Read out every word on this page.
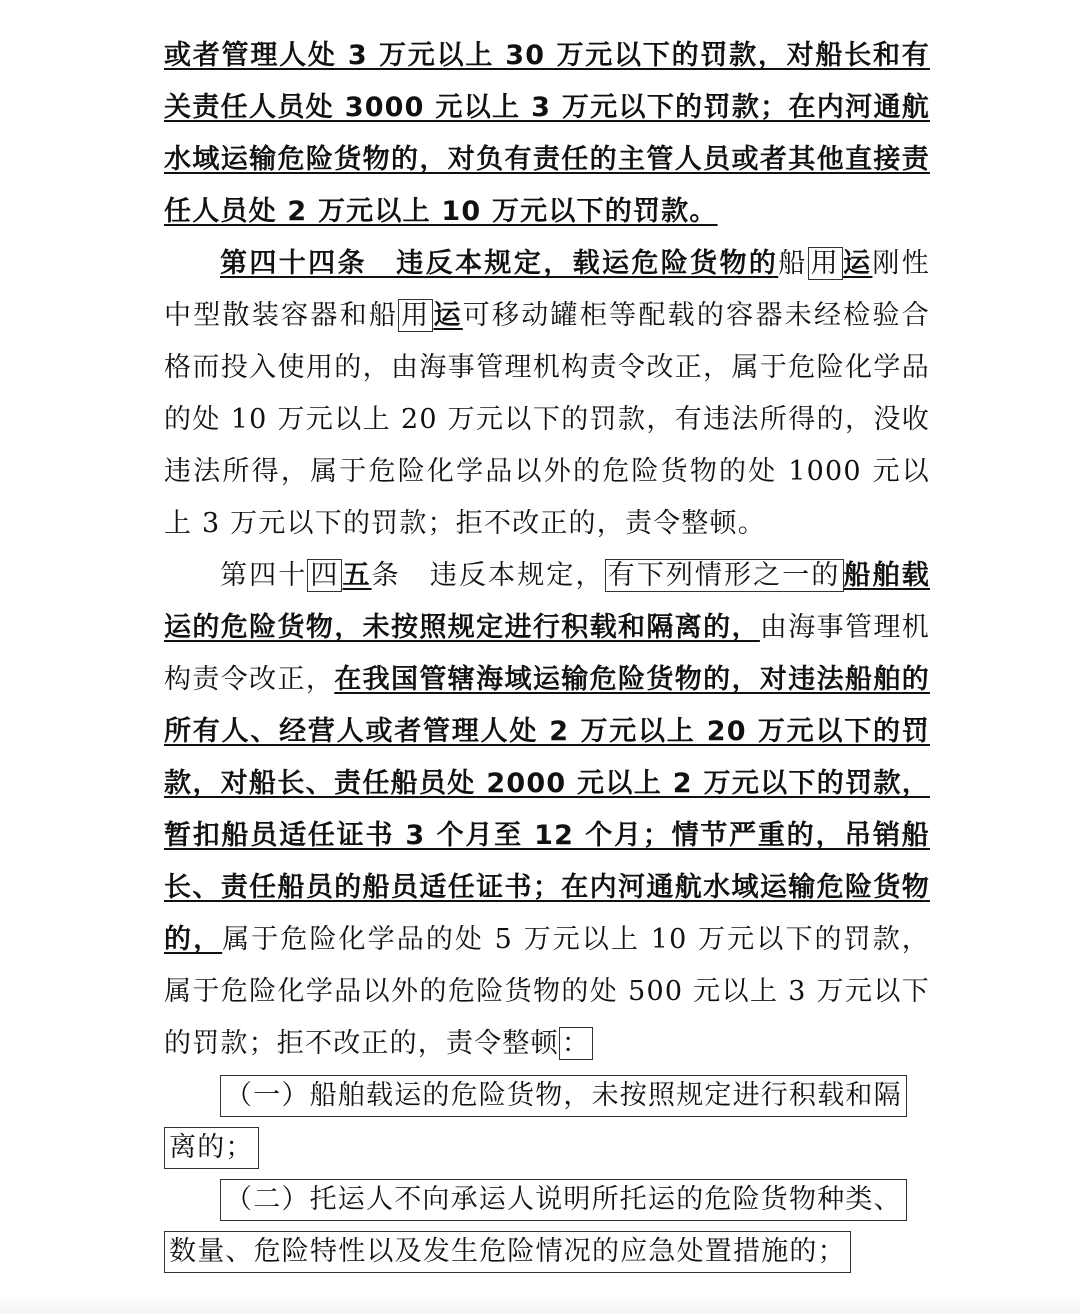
或者管理人处 3 万元以上 30 万元以下的罚款，对船长和有关责任人员处 3000 元以上 3 万元以下的罚款；在内河通航水域运输危险货物的，对负有责任的主管人员或者其他直接责任人员处 2 万元以上 10 万元以下的罚款。

第四十四条　违反本规定，载运危险货物的船 用 运刚性中型散装容器和船 用 运可移动罐柜等配载的容器未经检验合格而投入使用的，由海事管理机构责令改正，属于危险化学品的处 10 万元以上 20 万元以下的罚款，有违法所得的，没收违法所得，属于危险化学品以外的危险货物的处 1000 元以上 3 万元以下的罚款；拒不改正的，责令整顿。

第四十 四 五条　违反本规定， 有下列情形之一的 船舶载运的危险货物，未按照规定进行积载和隔离的，由海事管理机构责令改正，在我国管辖海域运输危险货物的，对违法船舶的所有人、经营人或者管理人处 2 万元以上 20 万元以下的罚款，对船长、责任船员处 2000 元以上 2 万元以下的罚款，暂扣船员适任证书 3 个月至 12 个月；情节严重的，吊销船长、责任船员的船员适任证书；在内河通航水域运输危险货物的，属于危险化学品的处 5 万元以上 10 万元以下的罚款，属于危险化学品以外的危险货物的处 500 元以上 3 万元以下的罚款；拒不改正的，责令整顿 ：

（一）船舶载运的危险货物，未按照规定进行积载和隔
离的；
（二）托运人不向承运人说明所托运的危险货物种类、
数量、危险特性以及发生危险情况的应急处置措施的；
